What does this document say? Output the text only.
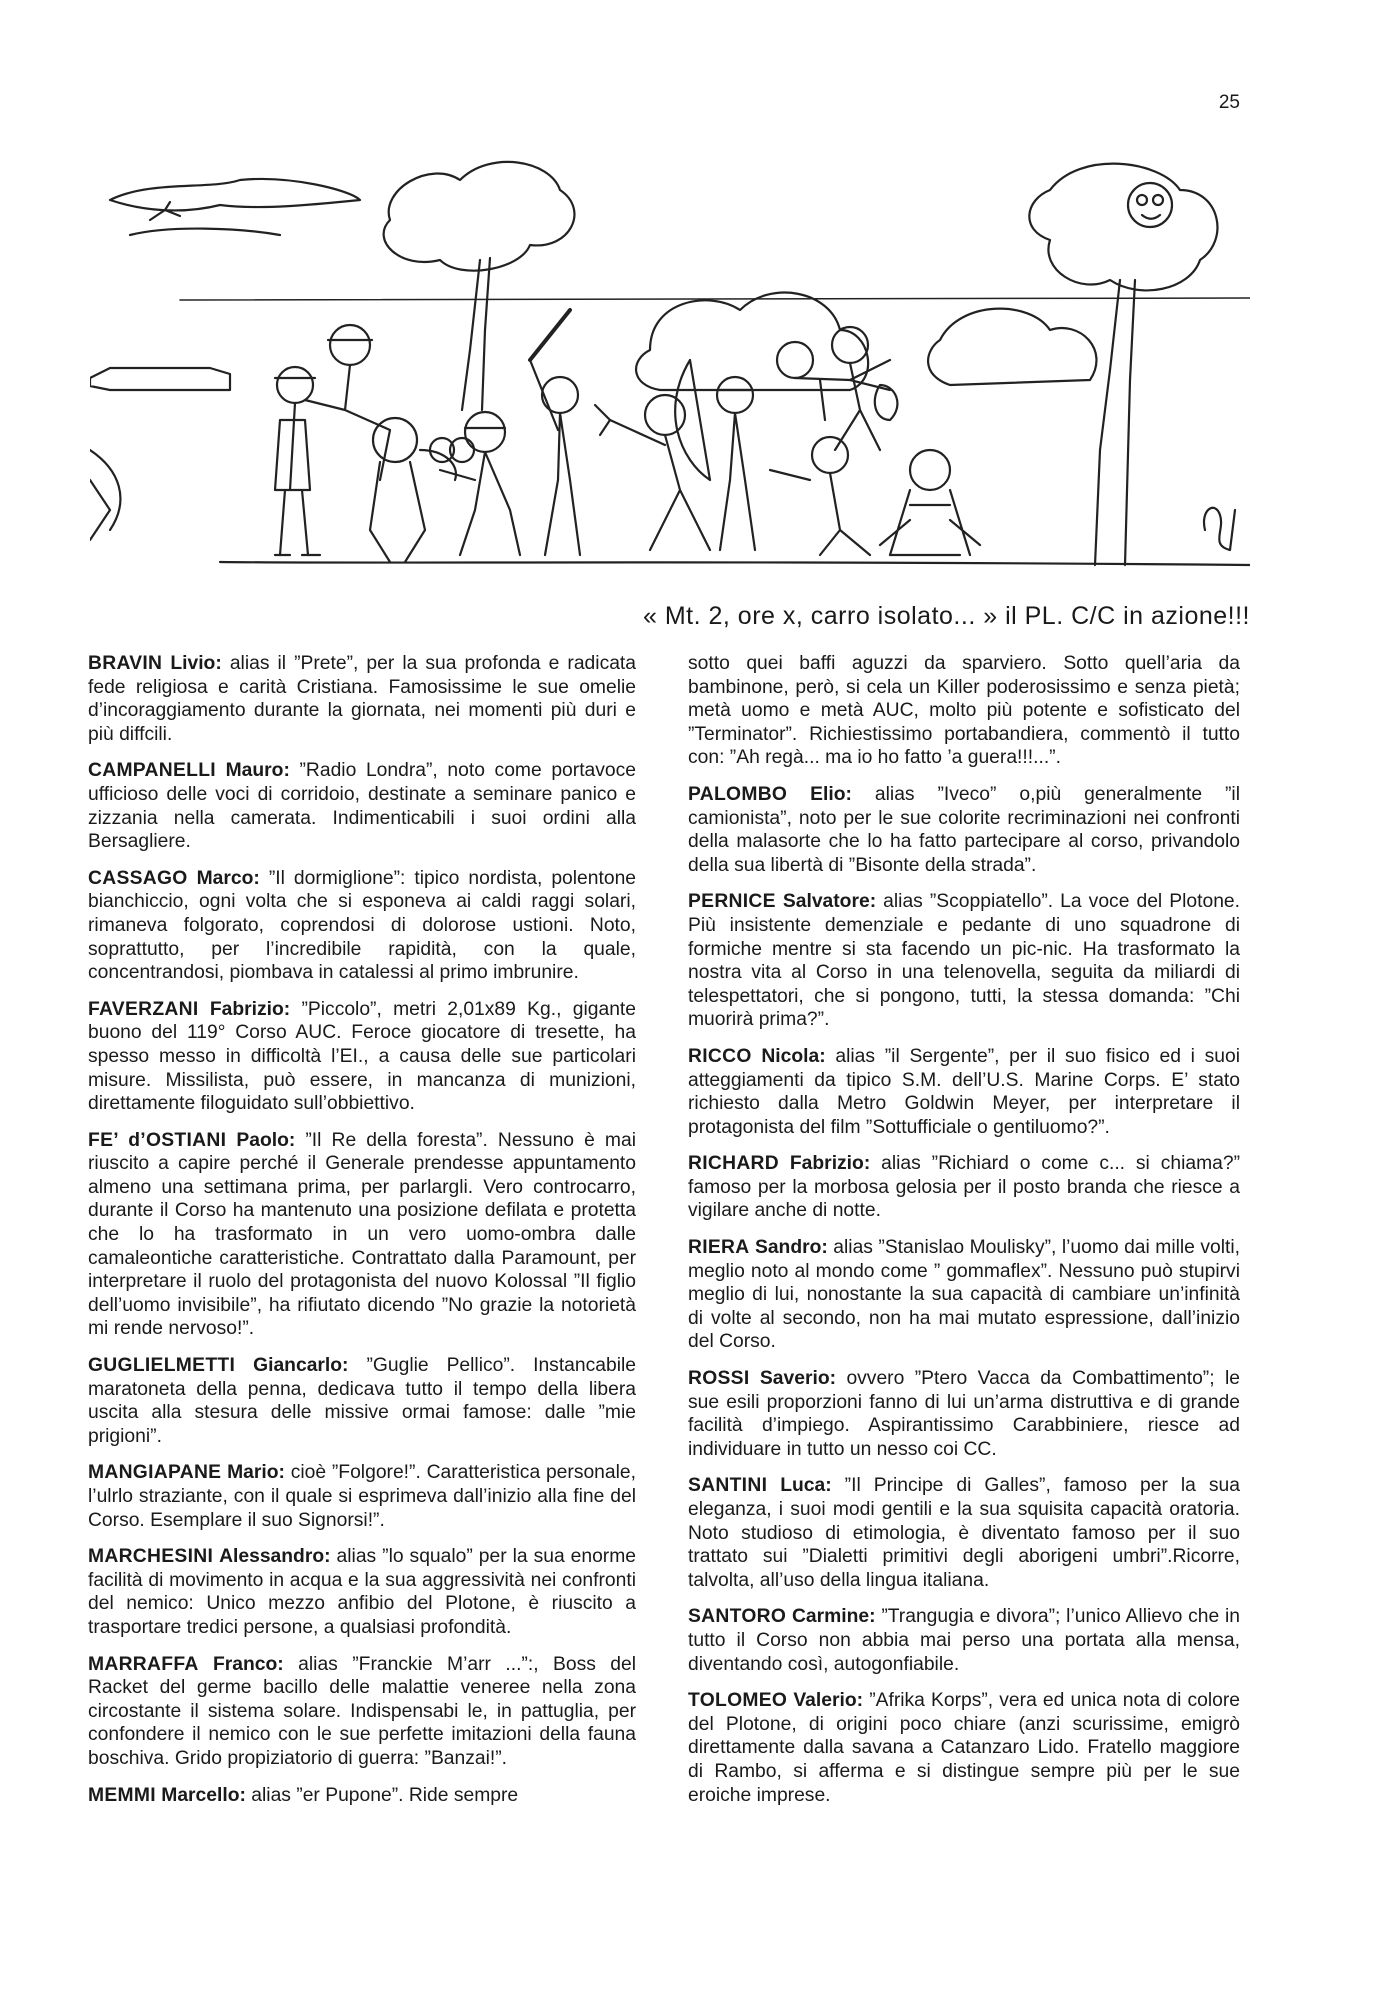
25
« Mt. 2, ore x, carro isolato... » il PL. C/C in azione!!!

BRAVIN Livio: alias il ”Prete”, per la sua profonda e radicata fede religiosa e carità Cristiana. Famosissime le sue omelie d’incoraggiamento durante la giornata, nei momenti più duri e più diffcili.

CAMPANELLI Mauro: ”Radio Londra”, noto come portavoce ufficioso delle voci di corridoio, destinate a seminare panico e zizzania nella camerata. Indimenticabili i suoi ordini alla Bersagliere.

CASSAGO Marco: ”Il dormiglione”: tipico nordista, polentone bianchiccio, ogni volta che si esponeva ai caldi raggi solari, rimaneva folgorato, coprendosi di dolorose ustioni. Noto, soprattutto, per l’incredibile rapidità, con la quale, concentrandosi, piombava in catalessi al primo imbrunire.

FAVERZANI Fabrizio: ”Piccolo”, metri 2,01x89 Kg., gigante buono del 119° Corso AUC. Feroce giocatore di tresette, ha spesso messo in difficoltà l’EI., a causa delle sue particolari misure. Missilista, può essere, in mancanza di munizioni, direttamente filoguidato sull’obbiettivo.

FE’ d’OSTIANI Paolo: ”Il Re della foresta”. Nessuno è mai riuscito a capire perché il Generale prendesse appuntamento almeno una settimana prima, per parlargli. Vero controcarro, durante il Corso ha mantenuto una posizione defilata e protetta che lo ha trasformato in un vero uomo-ombra dalle camaleontiche caratteristiche. Contrattato dalla Paramount, per interpretare il ruolo del protagonista del nuovo Kolossal ”Il figlio dell’uomo invisibile”, ha rifiutato dicendo ”No grazie la notorietà mi rende nervoso!”.

GUGLIELMETTI Giancarlo: ”Guglie Pellico”. Instancabile maratoneta della penna, dedicava tutto il tempo della libera uscita alla stesura delle missive ormai famose: dalle ”mie prigioni”.

MANGIAPANE Mario: cioè ”Folgore!”. Caratteristica personale, l’ulrlo straziante, con il quale si esprimeva dall’inizio alla fine del Corso. Esemplare il suo Signorsi!”.

MARCHESINI Alessandro: alias ”lo squalo” per la sua enorme facilità di movimento in acqua e la sua aggressività nei confronti del nemico: Unico mezzo anfibio del Plotone, è riuscito a trasportare tredici persone, a qualsiasi profondità.

MARRAFFA Franco: alias ”Franckie M’arr ...”:, Boss del Racket del germe bacillo delle malattie veneree nella zona circostante il sistema solare. Indispensabi le, in pattuglia, per confondere il nemico con le sue perfette imitazioni della fauna boschiva. Grido propiziatorio di guerra: ”Banzai!”.

MEMMI Marcello: alias ”er Pupone”. Ride sempre

sotto quei baffi aguzzi da sparviero. Sotto quell’aria da bambinone, però, si cela un Killer poderosissimo e senza pietà; metà uomo e metà AUC, molto più potente e sofisticato del ”Terminator”. Richiestissimo portabandiera, commentò il tutto con: ”Ah regà... ma io ho fatto ’a guera!!!...”.

PALOMBO Elio: alias ”Iveco” o,più generalmente ”il camionista”, noto per le sue colorite recriminazioni nei confronti della malasorte che lo ha fatto partecipare al corso, privandolo della sua libertà di ”Bisonte della strada”.

PERNICE Salvatore: alias ”Scoppiatello”. La voce del Plotone. Più insistente demenziale e pedante di uno squadrone di formiche mentre si sta facendo un pic-nic. Ha trasformato la nostra vita al Corso in una telenovella, seguita da miliardi di telespettatori, che si pongono, tutti, la stessa domanda: ”Chi muorirà prima?”.

RICCO Nicola: alias ”il Sergente”, per il suo fisico ed i suoi atteggiamenti da tipico S.M. dell’U.S. Marine Corps. E’ stato richiesto dalla Metro Goldwin Meyer, per interpretare il protagonista del film ”Sottufficiale o gentiluomo?”.

RICHARD Fabrizio: alias ”Richiard o come c... si chiama?” famoso per la morbosa gelosia per il posto branda che riesce a vigilare anche di notte.

RIERA Sandro: alias ”Stanislao Moulisky”, l’uomo dai mille volti, meglio noto al mondo come ” gommaflex”. Nessuno può stupirvi meglio di lui, nonostante la sua capacità di cambiare un’infinità di volte al secondo, non ha mai mutato espressione, dall’inizio del Corso.

ROSSI Saverio: ovvero ”Ptero Vacca da Combattimento”; le sue esili proporzioni fanno di lui un’arma distruttiva e di grande facilità d’impiego. Aspirantissimo Carabbiniere, riesce ad individuare in tutto un nesso coi CC.

SANTINI Luca: ”Il Principe di Galles”, famoso per la sua eleganza, i suoi modi gentili e la sua squisita capacità oratoria. Noto studioso di etimologia, è diventato famoso per il suo trattato sui ”Dialetti primitivi degli aborigeni umbri”.Ricorre, talvolta, all’uso della lingua italiana.

SANTORO Carmine: ”Trangugia e divora”; l’unico Allievo che in tutto il Corso non abbia mai perso una portata alla mensa, diventando così, autogonfiabile.

TOLOMEO Valerio: ”Afrika Korps”, vera ed unica nota di colore del Plotone, di origini poco chiare (anzi scurissime, emigrò direttamente dalla savana a Catanzaro Lido. Fratello maggiore di Rambo, si afferma e si distingue sempre più per le sue eroiche imprese.
